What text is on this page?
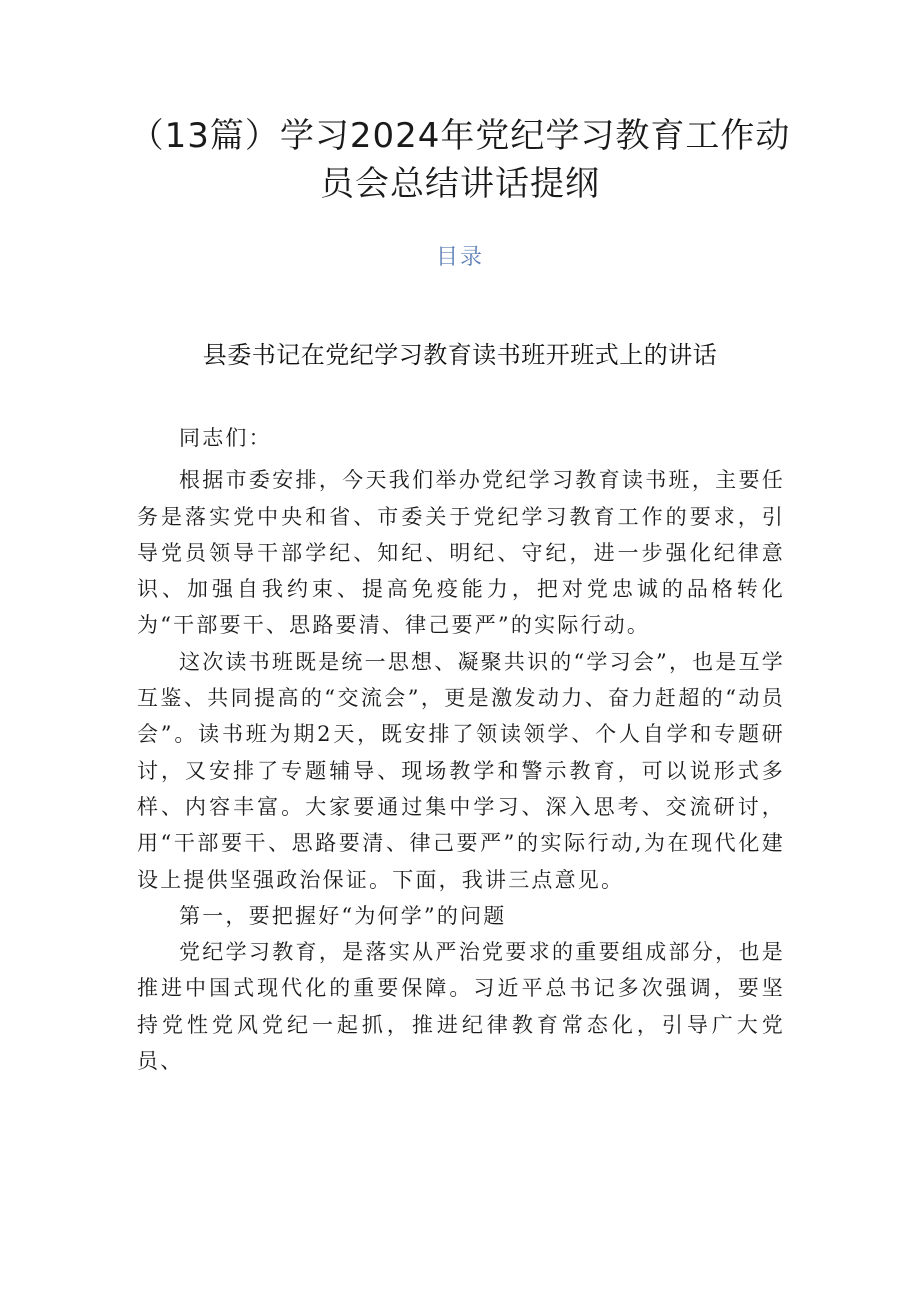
（13篇）学习2024年党纪学习教育工作动
员会总结讲话提纲
目录
县委书记在党纪学习教育读书班开班式上的讲话

同志们：

根据市委安排，今天我们举办党纪学习教育读书班，主要任务是落实党中央和省、市委关于党纪学习教育工作的要求，引导党员领导干部学纪、知纪、明纪、守纪，进一步强化纪律意识、加强自我约束、提高免疫能力，把对党忠诚的品格转化为“干部要干、思路要清、律己要严”的实际行动。

这次读书班既是统一思想、凝聚共识的“学习会”，也是互学互鉴、共同提高的“交流会”，更是激发动力、奋力赶超的“动员会”。读书班为期2天，既安排了领读领学、个人自学和专题研讨，又安排了专题辅导、现场教学和警示教育，可以说形式多样、内容丰富。大家要通过集中学习、深入思考、交流研讨，用“干部要干、思路要清、律己要严”的实际行动,为在现代化建设上提供坚强政治保证。下面，我讲三点意见。

第一，要把握好“为何学”的问题

党纪学习教育，是落实从严治党要求的重要组成部分，也是推进中国式现代化的重要保障。习近平总书记多次强调，要坚持党性党风党纪一起抓，推进纪律教育常态化，引导广大党员、
